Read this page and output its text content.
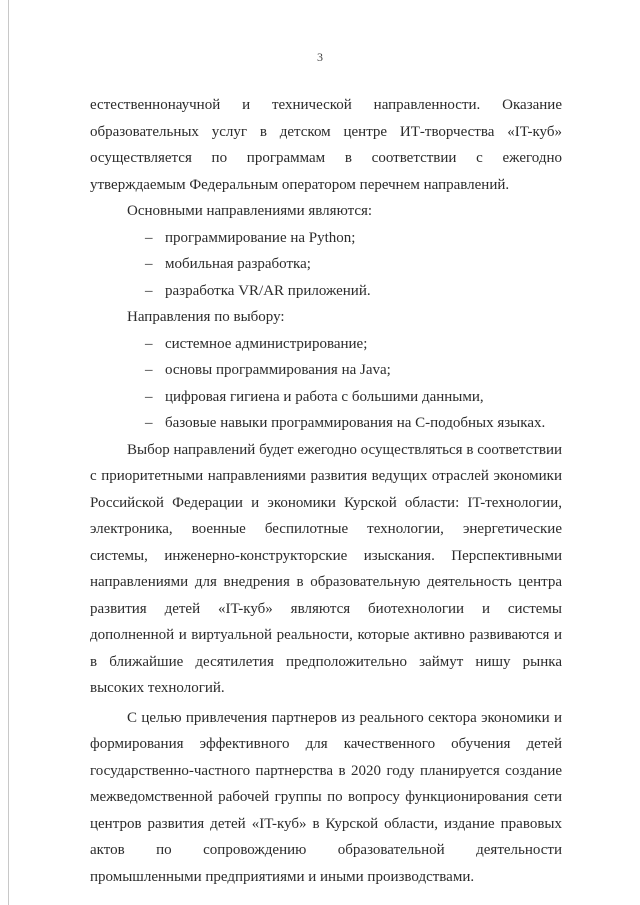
3

естественнонаучной и технической направленности. Оказание образовательных услуг в детском центре ИТ-творчества «IT-куб» осуществляется по программам в соответствии с ежегодно утверждаемым Федеральным оператором перечнем направлений.

Основными направлениями являются:

– программирование на Python;
– мобильная разработка;
– разработка VR/AR приложений.

Направления по выбору:

– системное администрирование;
– основы программирования на Java;
– цифровая гигиена и работа с большими данными,
– базовые навыки программирования на С-подобных языках.

Выбор направлений будет ежегодно осуществляться в соответствии с приоритетными направлениями развития ведущих отраслей экономики Российской Федерации и экономики Курской области: IT-технологии, электроника, военные беспилотные технологии, энергетические системы, инженерно-конструкторские изыскания. Перспективными направлениями для внедрения в образовательную деятельность центра развития детей «IT-куб» являются биотехнологии и системы дополненной и виртуальной реальности, которые активно развиваются и в ближайшие десятилетия предположительно займут нишу рынка высоких технологий.

С целью привлечения партнеров из реального сектора экономики и формирования эффективного для качественного обучения детей государственно-частного партнерства в 2020 году планируется создание межведомственной рабочей группы по вопросу функционирования сети центров развития детей «IT-куб» в Курской области, издание правовых актов по сопровождению образовательной деятельности промышленными предприятиями и иными производствами.
